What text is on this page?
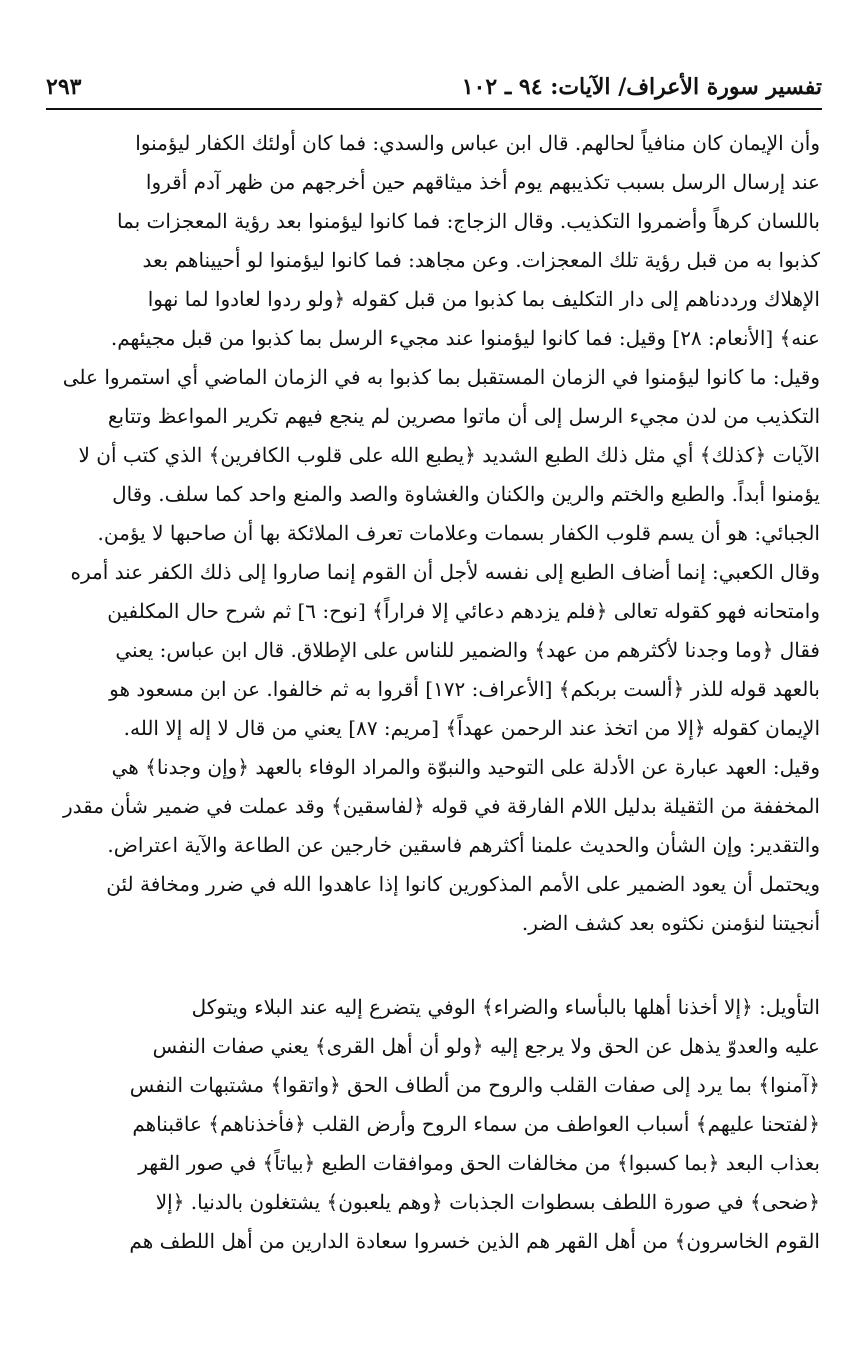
تفسير سورة الأعراف/ الآيات: ٩٤ ـ ١٠٢
٢٩٣
وأن الإيمان كان منافياً لحالهم. قال ابن عباس والسدي: فما كان أولئك الكفار ليؤمنوا
عند إرسال الرسل بسبب تكذيبهم يوم أخذ ميثاقهم حين أخرجهم من ظهر آدم أقروا
باللسان كرهاً وأضمروا التكذيب. وقال الزجاج: فما كانوا ليؤمنوا بعد رؤية المعجزات بما
كذبوا به من قبل رؤية تلك المعجزات. وعن مجاهد: فما كانوا ليؤمنوا لو أحييناهم بعد
الإهلاك ورددناهم إلى دار التكليف بما كذبوا من قبل كقوله ﴿ولو ردوا لعادوا لما نهوا
عنه﴾ [الأنعام: ٢٨] وقيل: فما كانوا ليؤمنوا عند مجيء الرسل بما كذبوا من قبل مجيئهم.
وقيل: ما كانوا ليؤمنوا في الزمان المستقبل بما كذبوا به في الزمان الماضي أي استمروا على
التكذيب من لدن مجيء الرسل إلى أن ماتوا مصرين لم ينجع فيهم تكرير المواعظ وتتابع
الآيات ﴿كذلك﴾ أي مثل ذلك الطبع الشديد ﴿يطبع الله على قلوب الكافرين﴾ الذي كتب أن لا
يؤمنوا أبداً. والطبع والختم والرين والكنان والغشاوة والصد والمنع واحد كما سلف. وقال
الجبائي: هو أن يسم قلوب الكفار بسمات وعلامات تعرف الملائكة بها أن صاحبها لا يؤمن.
وقال الكعبي: إنما أضاف الطبع إلى نفسه لأجل أن القوم إنما صاروا إلى ذلك الكفر عند أمره
وامتحانه فهو كقوله تعالى ﴿فلم يزدهم دعائي إلا فراراً﴾ [نوح: ٦] ثم شرح حال المكلفين
فقال ﴿وما وجدنا لأكثرهم من عهد﴾ والضمير للناس على الإطلاق. قال ابن عباس: يعني
بالعهد قوله للذر ﴿ألست بربكم﴾ [الأعراف: ١٧٢] أقروا به ثم خالفوا. عن ابن مسعود هو
الإيمان كقوله ﴿إلا من اتخذ عند الرحمن عهداً﴾ [مريم: ٨٧] يعني من قال لا إله إلا الله.
وقيل: العهد عبارة عن الأدلة على التوحيد والنبوّة والمراد الوفاء بالعهد ﴿وإن وجدنا﴾ هي
المخففة من الثقيلة بدليل اللام الفارقة في قوله ﴿لفاسقين﴾ وقد عملت في ضمير شأن مقدر
والتقدير: وإن الشأن والحديث علمنا أكثرهم فاسقين خارجين عن الطاعة والآية اعتراض.
ويحتمل أن يعود الضمير على الأمم المذكورين كانوا إذا عاهدوا الله في ضرر ومخافة لئن
أنجيتنا لنؤمنن نكثوه بعد كشف الضر.
التأويل: ﴿إلا أخذنا أهلها بالبأساء والضراء﴾ الوفي يتضرع إليه عند البلاء ويتوكل
عليه والعدوّ يذهل عن الحق ولا يرجع إليه ﴿ولو أن أهل القرى﴾ يعني صفات النفس
﴿آمنوا﴾ بما يرد إلى صفات القلب والروح من ألطاف الحق ﴿واتقوا﴾ مشتبهات النفس
﴿لفتحنا عليهم﴾ أسباب العواطف من سماء الروح وأرض القلب ﴿فأخذناهم﴾ عاقبناهم
بعذاب البعد ﴿بما كسبوا﴾ من مخالفات الحق وموافقات الطبع ﴿بياتاً﴾ في صور القهر
﴿ضحى﴾ في صورة اللطف بسطوات الجذبات ﴿وهم يلعبون﴾ يشتغلون بالدنيا. ﴿إلا
القوم الخاسرون﴾ من أهل القهر هم الذين خسروا سعادة الدارين من أهل اللطف هم
